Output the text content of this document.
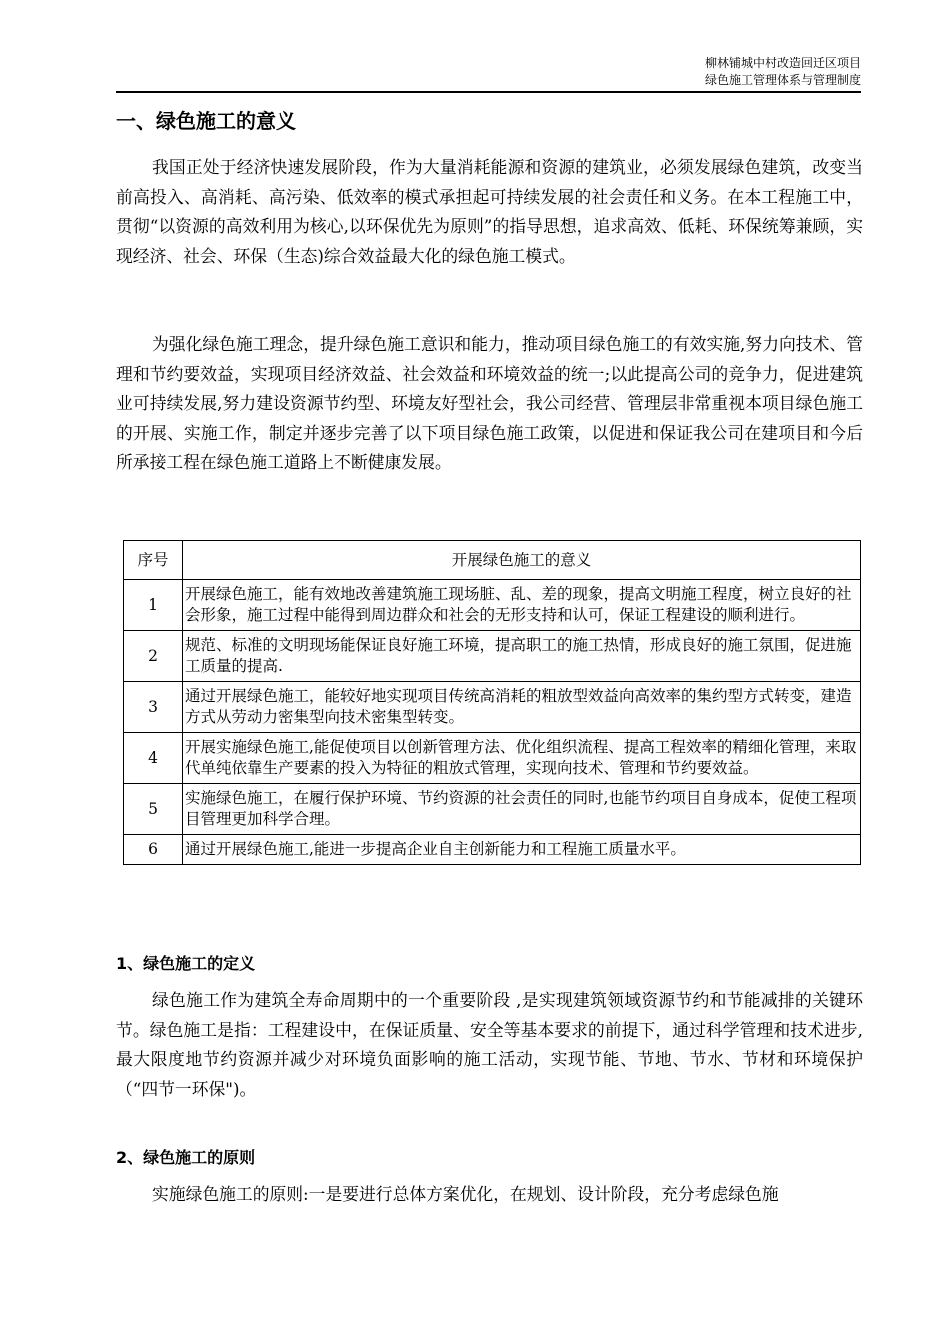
柳林铺城中村改造回迁区项目
绿色施工管理体系与管理制度
一、绿色施工的意义

我国正处于经济快速发展阶段，作为大量消耗能源和资源的建筑业，必须发展绿色建筑，改变当前高投入、高消耗、高污染、低效率的模式承担起可持续发展的社会责任和义务。在本工程施工中，贯彻“以资源的高效利用为核心,以环保优先为原则”的指导思想，追求高效、低耗、环保统筹兼顾，实现经济、社会、环保（生态)综合效益最大化的绿色施工模式。

为强化绿色施工理念，提升绿色施工意识和能力，推动项目绿色施工的有效实施,努力向技术、管理和节约要效益，实现项目经济效益、社会效益和环境效益的统一;以此提高公司的竞争力，促进建筑业可持续发展,努力建设资源节约型、环境友好型社会，我公司经营、管理层非常重视本项目绿色施工的开展、实施工作，制定并逐步完善了以下项目绿色施工政策，以促进和保证我公司在建项目和今后所承接工程在绿色施工道路上不断健康发展。

序号	开展绿色施工的意义
1	开展绿色施工，能有效地改善建筑施工现场脏、乱、差的现象，提高文明施工程度，树立良好的社会形象，施工过程中能得到周边群众和社会的无形支持和认可，保证工程建设的顺利进行。
2	规范、标准的文明现场能保证良好施工环境，提高职工的施工热情，形成良好的施工氛围，促进施工质量的提高.
3	通过开展绿色施工，能较好地实现项目传统高消耗的粗放型效益向高效率的集约型方式转变，建造方式从劳动力密集型向技术密集型转变。
4	开展实施绿色施工,能促使项目以创新管理方法、优化组织流程、提高工程效率的精细化管理，来取代单纯依靠生产要素的投入为特征的粗放式管理，实现向技术、管理和节约要效益。
5	实施绿色施工，在履行保护环境、节约资源的社会责任的同时,也能节约项目自身成本，促使工程项目管理更加科学合理。
6	通过开展绿色施工,能进一步提高企业自主创新能力和工程施工质量水平。
1、绿色施工的定义

绿色施工作为建筑全寿命周期中的一个重要阶段 ,是实现建筑领域资源节约和节能减排的关键环节。绿色施工是指：工程建设中，在保证质量、安全等基本要求的前提下，通过科学管理和技术进步,最大限度地节约资源并减少对环境负面影响的施工活动，实现节能、节地、节水、节材和环境保护（“四节一环保")。

2、绿色施工的原则

实施绿色施工的原则:一是要进行总体方案优化，在规划、设计阶段，充分考虑绿色施
